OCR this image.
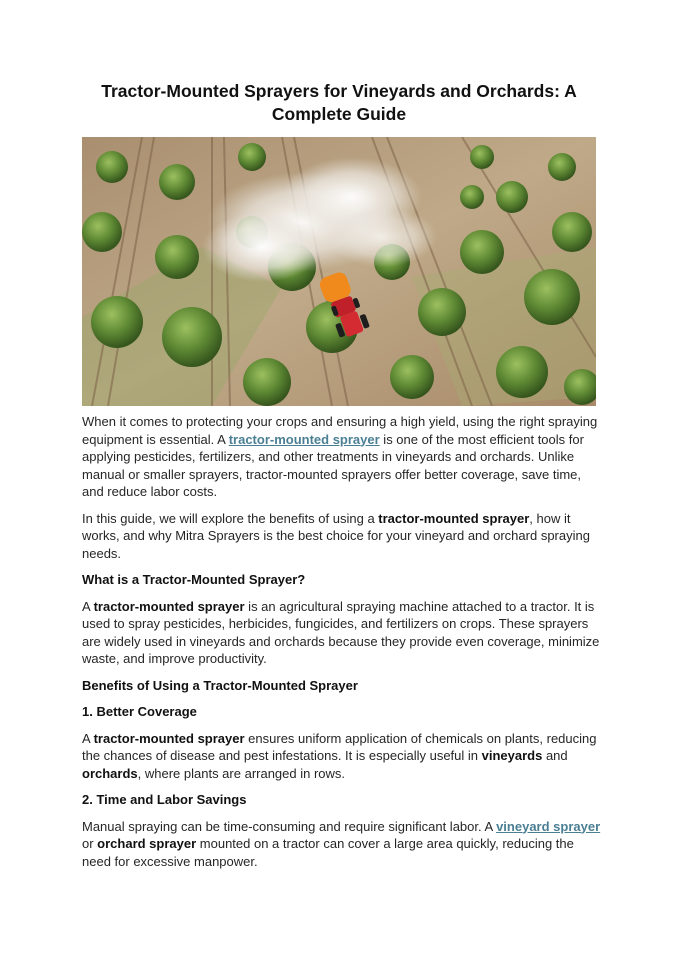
Tractor-Mounted Sprayers for Vineyards and Orchards: A Complete Guide

When it comes to protecting your crops and ensuring a high yield, using the right spraying equipment is essential. A tractor-mounted sprayer is one of the most efficient tools for applying pesticides, fertilizers, and other treatments in vineyards and orchards. Unlike manual or smaller sprayers, tractor-mounted sprayers offer better coverage, save time, and reduce labor costs.

In this guide, we will explore the benefits of using a tractor-mounted sprayer, how it works, and why Mitra Sprayers is the best choice for your vineyard and orchard spraying needs.

What is a Tractor-Mounted Sprayer?

A tractor-mounted sprayer is an agricultural spraying machine attached to a tractor. It is used to spray pesticides, herbicides, fungicides, and fertilizers on crops. These sprayers are widely used in vineyards and orchards because they provide even coverage, minimize waste, and improve productivity.

Benefits of Using a Tractor-Mounted Sprayer
1. Better Coverage

A tractor-mounted sprayer ensures uniform application of chemicals on plants, reducing the chances of disease and pest infestations. It is especially useful in vineyards and orchards, where plants are arranged in rows.

2. Time and Labor Savings

Manual spraying can be time-consuming and require significant labor. A vineyard sprayer or orchard sprayer mounted on a tractor can cover a large area quickly, reducing the need for excessive manpower.
